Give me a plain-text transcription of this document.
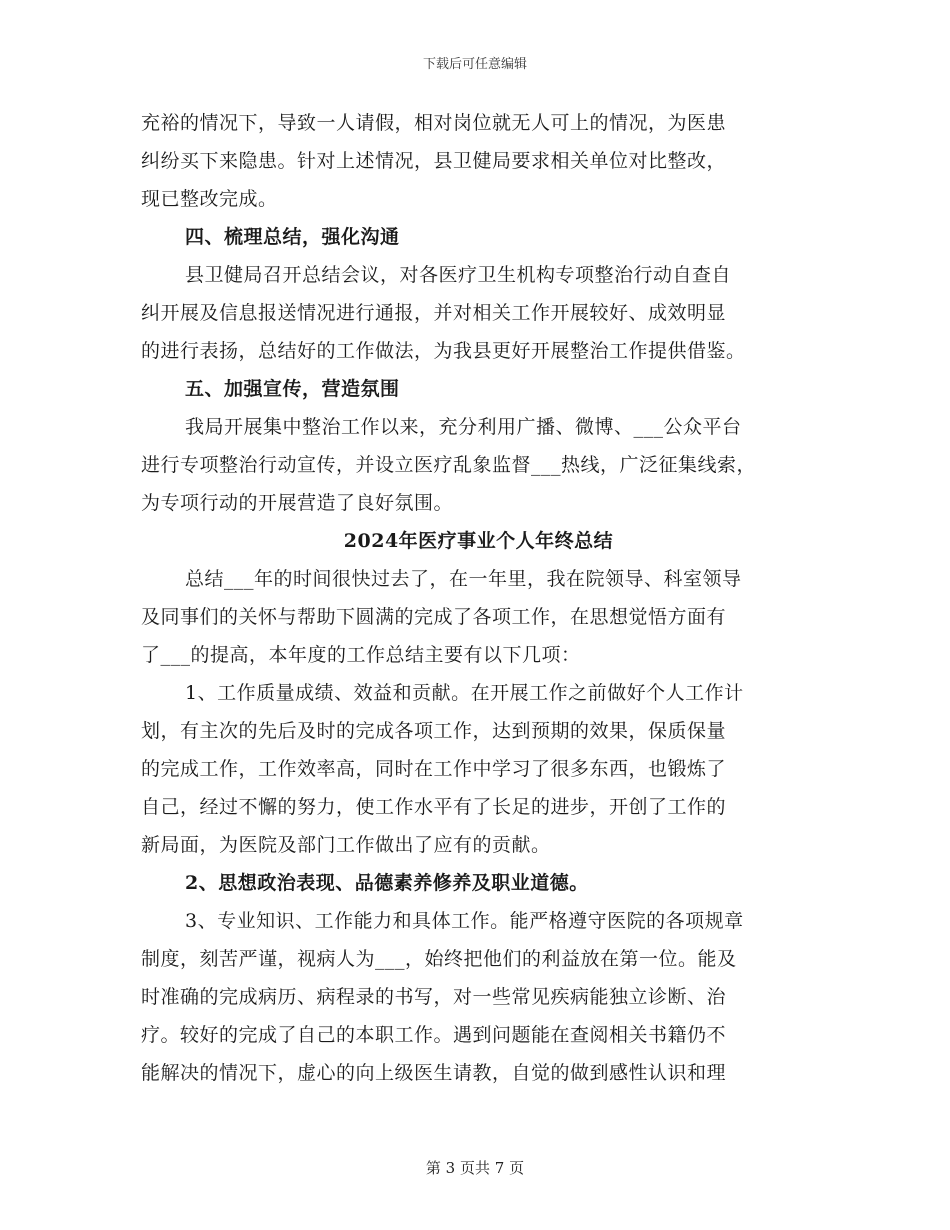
下载后可任意编辑
充裕的情况下，导致一人请假，相对岗位就无人可上的情况，为医患
纠纷买下来隐患。针对上述情况，县卫健局要求相关单位对比整改，
现已整改完成。
四、梳理总结，强化沟通
县卫健局召开总结会议，对各医疗卫生机构专项整治行动自查自
纠开展及信息报送情况进行通报，并对相关工作开展较好、成效明显
的进行表扬，总结好的工作做法，为我县更好开展整治工作提供借鉴。
五、加强宣传，营造氛围
我局开展集中整治工作以来，充分利用广播、微博、___公众平台
进行专项整治行动宣传，并设立医疗乱象监督___热线，广泛征集线索，
为专项行动的开展营造了良好氛围。
2024年医疗事业个人年终总结
总结___年的时间很快过去了，在一年里，我在院领导、科室领导
及同事们的关怀与帮助下圆满的完成了各项工作，在思想觉悟方面有
了___的提高，本年度的工作总结主要有以下几项：
1、工作质量成绩、效益和贡献。在开展工作之前做好个人工作计
划，有主次的先后及时的完成各项工作，达到预期的效果，保质保量
的完成工作，工作效率高，同时在工作中学习了很多东西，也锻炼了
自己，经过不懈的努力，使工作水平有了长足的进步，开创了工作的
新局面，为医院及部门工作做出了应有的贡献。
2、思想政治表现、品德素养修养及职业道德。
3、专业知识、工作能力和具体工作。能严格遵守医院的各项规章
制度，刻苦严谨，视病人为___，始终把他们的利益放在第一位。能及
时准确的完成病历、病程录的书写，对一些常见疾病能独立诊断、治
疗。较好的完成了自己的本职工作。遇到问题能在查阅相关书籍仍不
能解决的情况下，虚心的向上级医生请教，自觉的做到感性认识和理
第 3 页共 7 页
